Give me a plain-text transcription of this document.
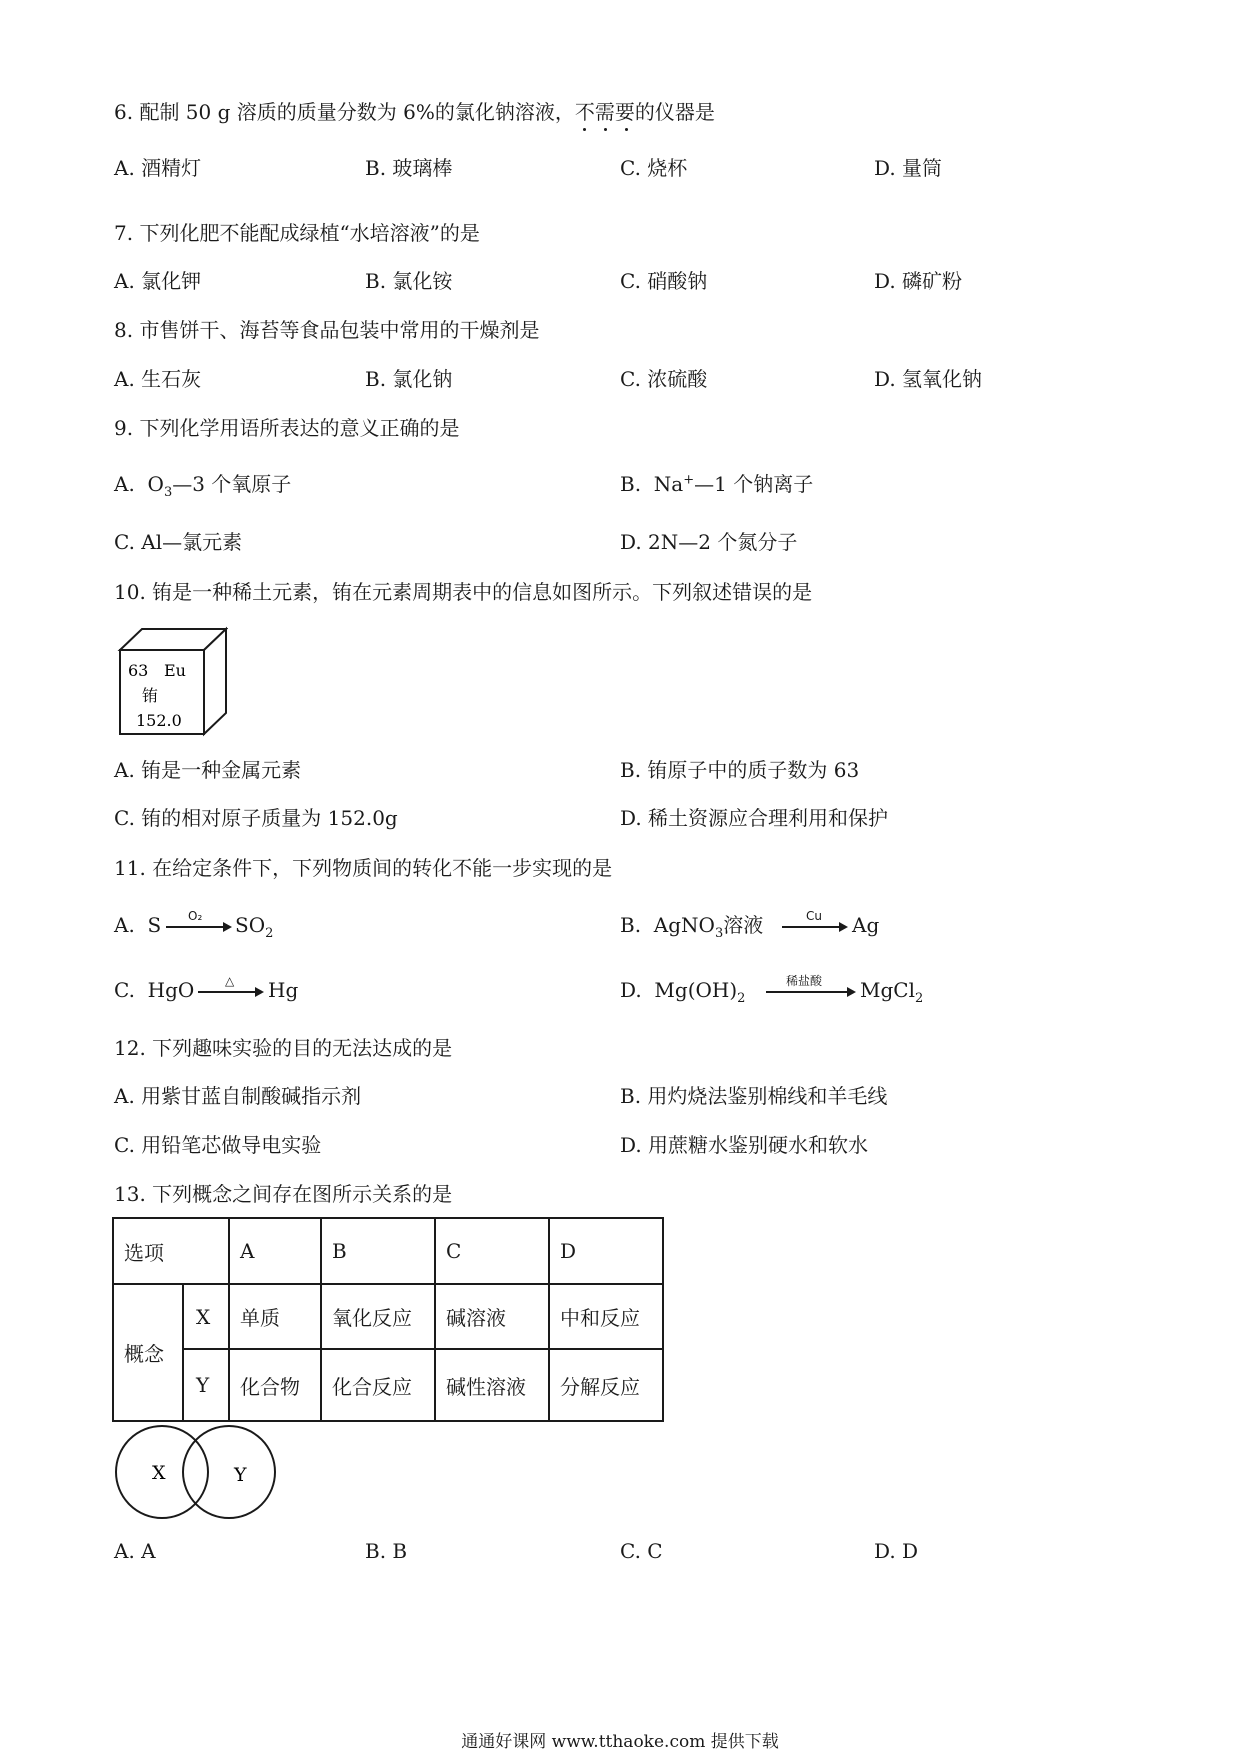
6. 配制 50 g 溶质的质量分数为 6%的氯化钠溶液，不需要
的仪器是
A. 酒精灯	B. 玻璃棒	C. 烧杯	D. 量筒
7. 下列化肥不能配成绿植“水培溶液”的是
A. 氯化钾	B. 氯化铵	C. 硝酸钠	D. 磷矿粉
8. 市售饼干、海苔等食品包装中常用的干燥剂是
A. 生石灰	B. 氯化钠	C. 浓硫酸	D. 氢氧化钠
9. 下列化学用语所表达的意义正确的是
A. $O_3—3$ 个氧原子	B. Na+—1 个钠离子
C. Al—氯元素	D. 2N—2 个氮分子
10. 铕是一种稀土元素，铕在元素周期表中的信息如图所示。下列叙述错误的是
63 Eu
铕
152.0
A. 铕是一种金属元素	B. 铕原子中的质子数为 63
C. 铕的相对原子质量为 152.0g	D. 稀土资源应合理利用和保护
11. 在给定条件下，下列物质间的转化不能一步实现的是
A. S $O_2 \to SO_2$	B. AgNO$_3$溶液	Cu → Ag
C. HgO	△ → Hg	D. $Mg(OH)_2$
稀盐酸 MgCl$_2$
12. 下列趣味实验的目的无法达成的是
A. 用紫甘蓝自制酸碱指示剂	B. 用灼烧法鉴别棉线和羊毛线
C. 用铅笔芯做导电实验	D. 用蔗糖水鉴别硬水和软水
13. 下列概念之间存在图所示关系的是
选项		A	B	C	D
概念	X	单质	氧化反应	碱溶液	中和反应
	Y	化合物	化合反应	碱性溶液	分解反应
X	Y
A. A	B. B	C. C	D. D
通通好课网 www.tthaoke.com 提供下载
